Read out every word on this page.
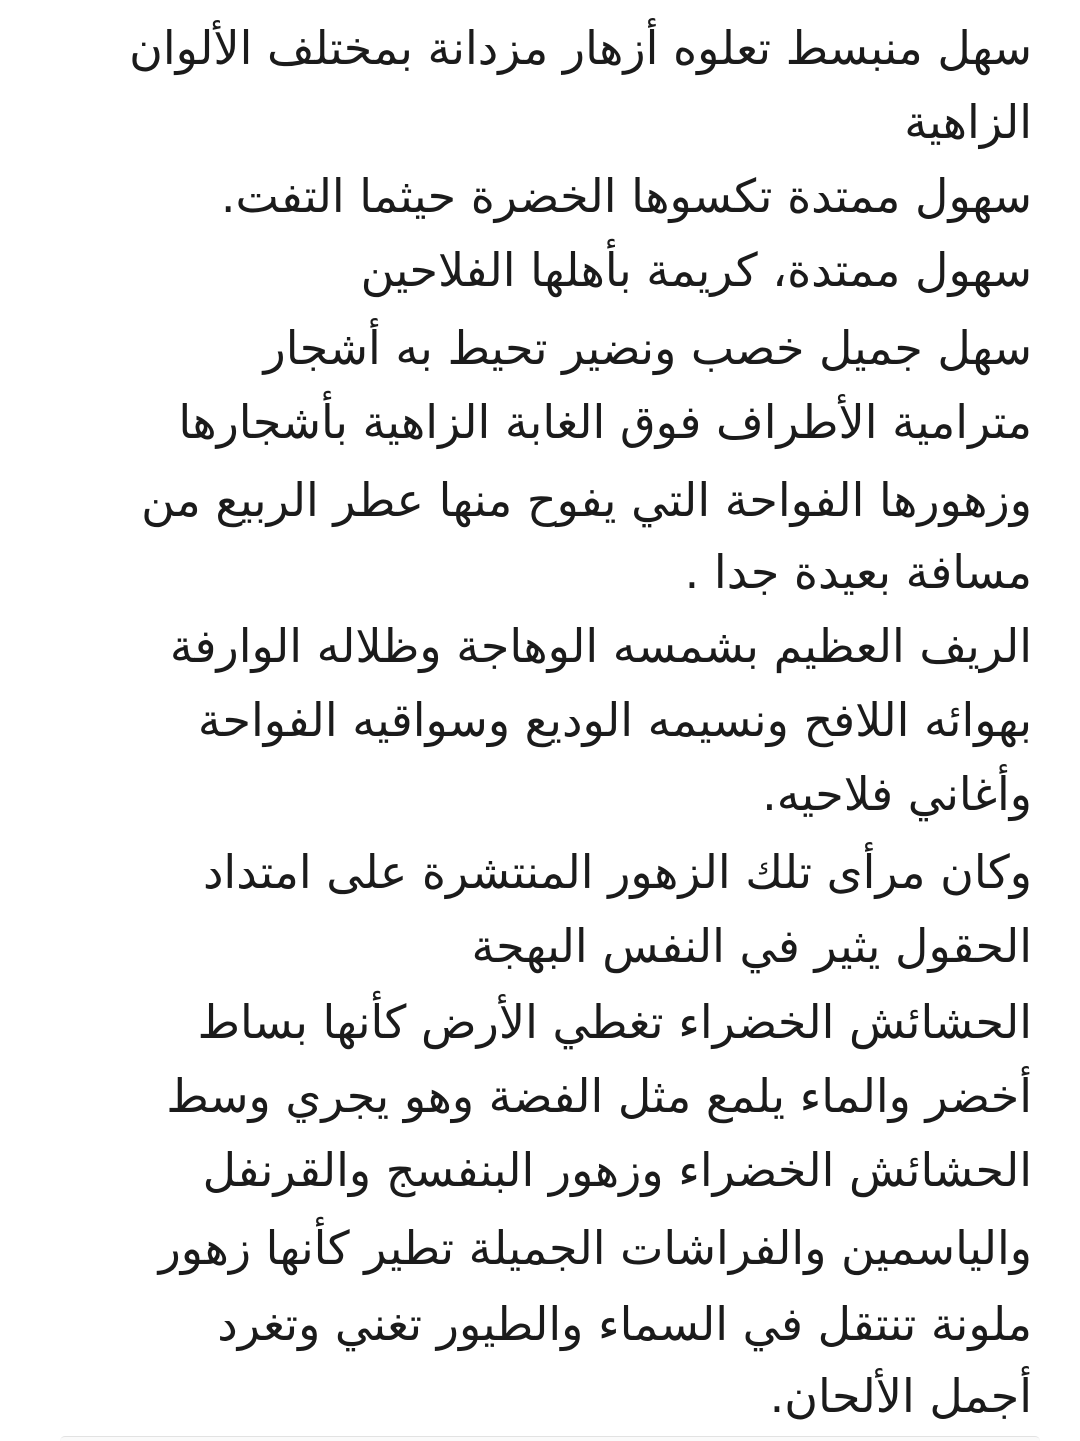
سهل منبسط تعلوه أزهار مزدانة بمختلف الألوان

الزاهية

سهول ممتدة تكسوها الخضرة حيثما التفت.

سهول ممتدة، كريمة بأهلها الفلاحين

سهل جميل خصب ونضير تحيط به أشجار

مترامية الأطراف فوق الغابة الزاهية بأشجارها

وزهورها الفواحة التي يفوح منها عطر الربيع من

مسافة بعيدة جدا .

الريف العظيم بشمسه الوهاجة وظلاله الوارفة

بهوائه اللافح ونسيمه الوديع وسواقيه الفواحة

وأغاني فلاحيه.

وكان مرأى تلك الزهور المنتشرة على امتداد

الحقول يثير في النفس البهجة

الحشائش الخضراء تغطي الأرض كأنها بساط

أخضر والماء يلمع مثل الفضة وهو يجري وسط

الحشائش الخضراء وزهور البنفسج والقرنفل

والياسمين والفراشات الجميلة تطير كأنها زهور

ملونة تنتقل في السماء والطيور تغني وتغرد

أجمل الألحان.
